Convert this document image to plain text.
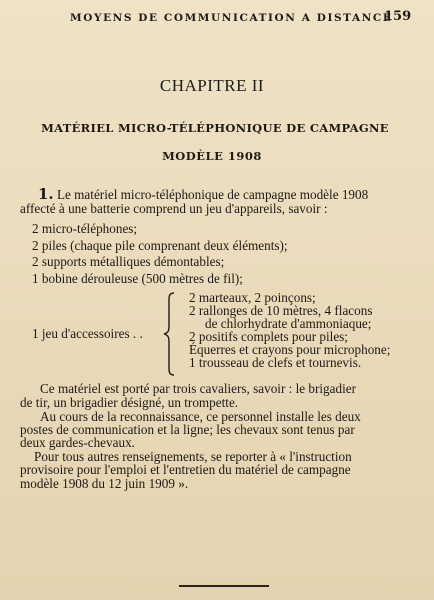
MOYENS DE COMMUNICATION A DISTANCE
159
CHAPITRE II
MATÉRIEL MICRO-TÉLÉPHONIQUE DE CAMPAGNE
MODÈLE 1908
1. Le matériel micro-téléphonique de campagne modèle 1908
affecté à une batterie comprend un jeu d'appareils, savoir :
2 micro-téléphones;
2 piles (chaque pile comprenant deux éléments);
2 supports métalliques démontables;
1 bobine dérouleuse (500 mètres de fil);
1 jeu d'accessoires . .
2 marteaux, 2 poinçons;
2 rallonges de 10 mètres, 4 flacons
de chlorhydrate d'ammoniaque;
2 positifs complets pour piles;
Équerres et crayons pour microphone;
1 trousseau de clefs et tournevis.
Ce matériel est porté par trois cavaliers, savoir : le brigadier
de tir, un brigadier désigné, un trompette.
Au cours de la reconnaissance, ce personnel installe les deux
postes de communication et la ligne; les chevaux sont tenus par
deux gardes-chevaux.
Pour tous autres renseignements, se reporter à « l'instruction
provisoire pour l'emploi et l'entretien du matériel de campagne
modèle 1908 du 12 juin 1909 ».
